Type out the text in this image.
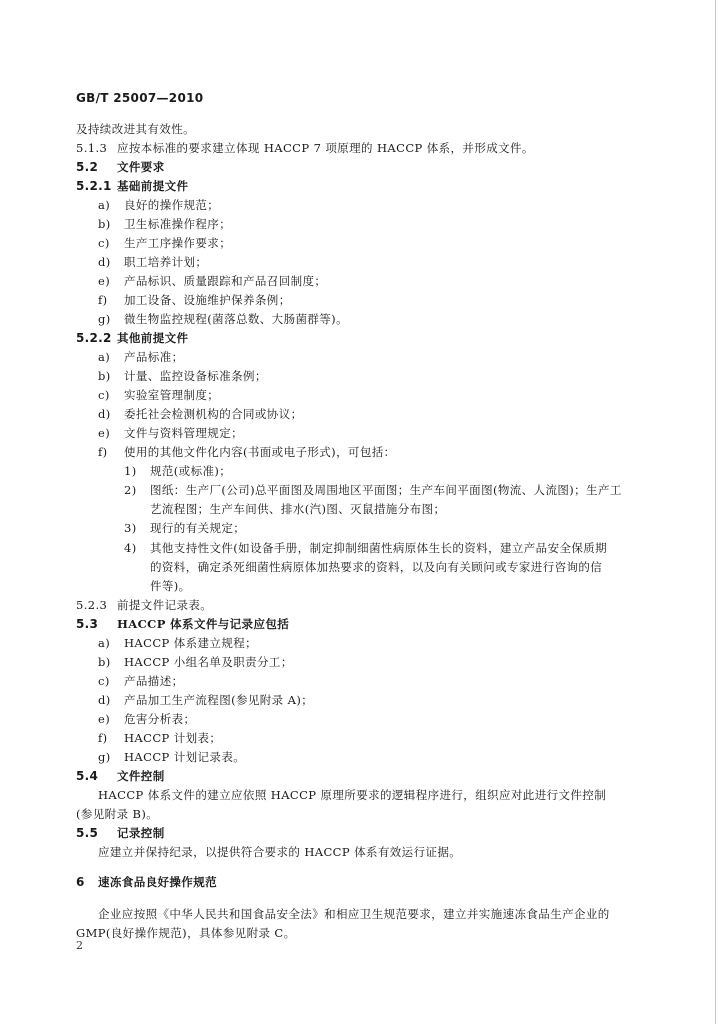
GB/T 25007—2010
及持续改进其有效性。
5.1.3 应按本标准的要求建立体现 HACCP 7 项原理的 HACCP 体系，并形成文件。
5.2 文件要求
5.2.1 基础前提文件
a) 良好的操作规范；
b) 卫生标准操作程序；
c) 生产工序操作要求；
d) 职工培养计划；
e) 产品标识、质量跟踪和产品召回制度；
f) 加工设备、设施维护保养条例；
g) 微生物监控规程(菌落总数、大肠菌群等)。
5.2.2 其他前提文件
a) 产品标准；
b) 计量、监控设备标准条例；
c) 实验室管理制度；
d) 委托社会检测机构的合同或协议；
e) 文件与资料管理规定；
f) 使用的其他文件化内容(书面或电子形式)，可包括：
1) 规范(或标准)；
2) 图纸：生产厂(公司)总平面图及周围地区平面图；生产车间平面图(物流、人流图)；生产工
艺流程图；生产车间供、排水(汽)图、灭鼠措施分布图；
3) 现行的有关规定；
4) 其他支持性文件(如设备手册，制定抑制细菌性病原体生长的资料，建立产品安全保质期
的资料，确定杀死细菌性病原体加热要求的资料，以及向有关顾问或专家进行咨询的信
件等)。
5.2.3 前提文件记录表。
5.3 HACCP 体系文件与记录应包括
a) HACCP 体系建立规程；
b) HACCP 小组名单及职责分工；
c) 产品描述；
d) 产品加工生产流程图(参见附录 A)；
e) 危害分析表；
f) HACCP 计划表；
g) HACCP 计划记录表。
5.4 文件控制
HACCP 体系文件的建立应依照 HACCP 原理所要求的逻辑程序进行，组织应对此进行文件控制
(参见附录 B)。
5.5 记录控制
应建立并保持纪录，以提供符合要求的 HACCP 体系有效运行证据。
6 速冻食品良好操作规范
企业应按照《中华人民共和国食品安全法》和相应卫生规范要求，建立并实施速冻食品生产企业的
GMP(良好操作规范)，具体参见附录 C。
2
